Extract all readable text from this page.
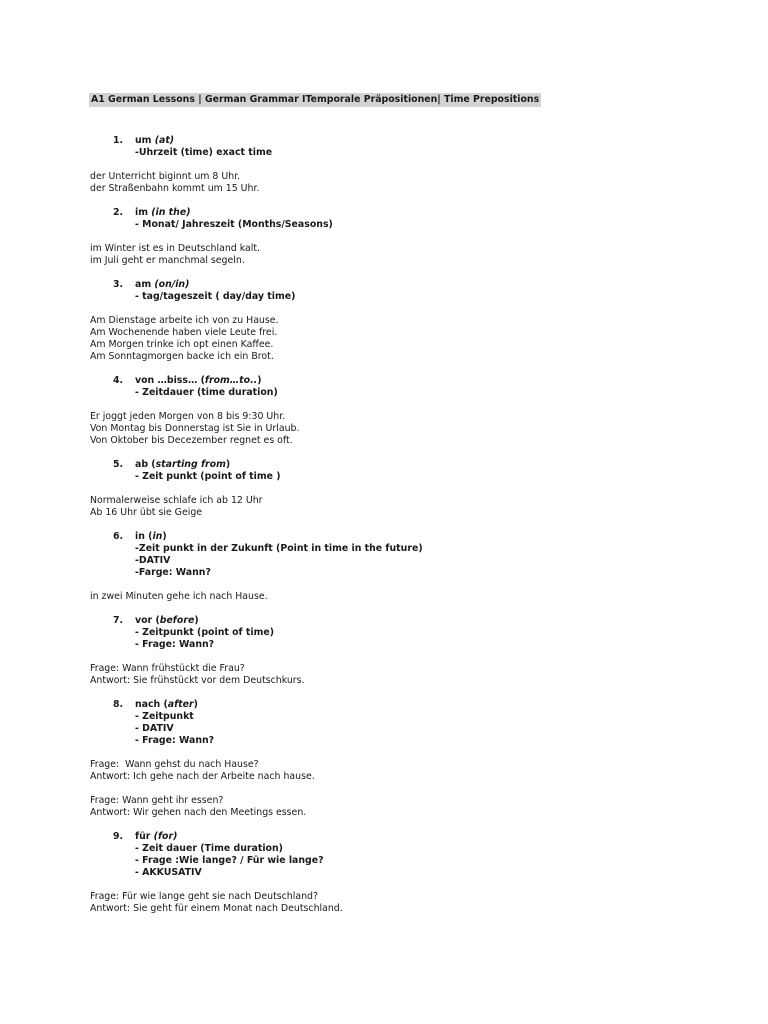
A1 German Lessons | German Grammar ITemporale Präpositionen| Time Prepositions
1.	um (at)
-Uhrzeit (time) exact time
der Unterricht biginnt um 8 Uhr.
der Straßenbahn kommt um 15 Uhr.
2.	im (in the)
- Monat/ Jahreszeit (Months/Seasons)
im Winter ist es in Deutschland kalt.
im Juli geht er manchmal segeln.
3.	am (on/in)
- tag/tageszeit ( day/day time)
Am Dienstage arbeite ich von zu Hause.
Am Wochenende haben viele Leute frei.
Am Morgen trinke ich opt einen Kaffee.
Am Sonntagmorgen backe ich ein Brot.
4.	von …biss… (from…to..)
- Zeitdauer (time duration)
Er joggt jeden Morgen von 8 bis 9:30 Uhr.
Von Montag bis Donnerstag ist Sie in Urlaub.
Von Oktober bis Decezember regnet es oft.
5.	ab (starting from)
- Zeit punkt (point of time )
Normalerweise schlafe ich ab 12 Uhr
Ab 16 Uhr übt sie Geige
6.	in (in)
-Zeit punkt in der Zukunft (Point in time in the future)
-DATIV
-Farge: Wann?
in zwei Minuten gehe ich nach Hause.
7.	vor (before)
- Zeitpunkt (point of time)
- Frage: Wann?
Frage: Wann frühstückt die Frau?
Antwort: Sie frühstückt vor dem Deutschkurs.
8.	nach (after)
- Zeitpunkt
- DATIV
- Frage: Wann?
Frage:  Wann gehst du nach Hause?
Antwort: Ich gehe nach der Arbeite nach hause.
Frage: Wann geht ihr essen?
Antwort: Wir gehen nach den Meetings essen.
9.	für (for)
- Zeit dauer (Time duration)
- Frage :Wie lange? / Für wie lange?
- AKKUSATIV
Frage: Für wie lange geht sie nach Deutschland?
Antwort: Sie geht für einem Monat nach Deutschland.
